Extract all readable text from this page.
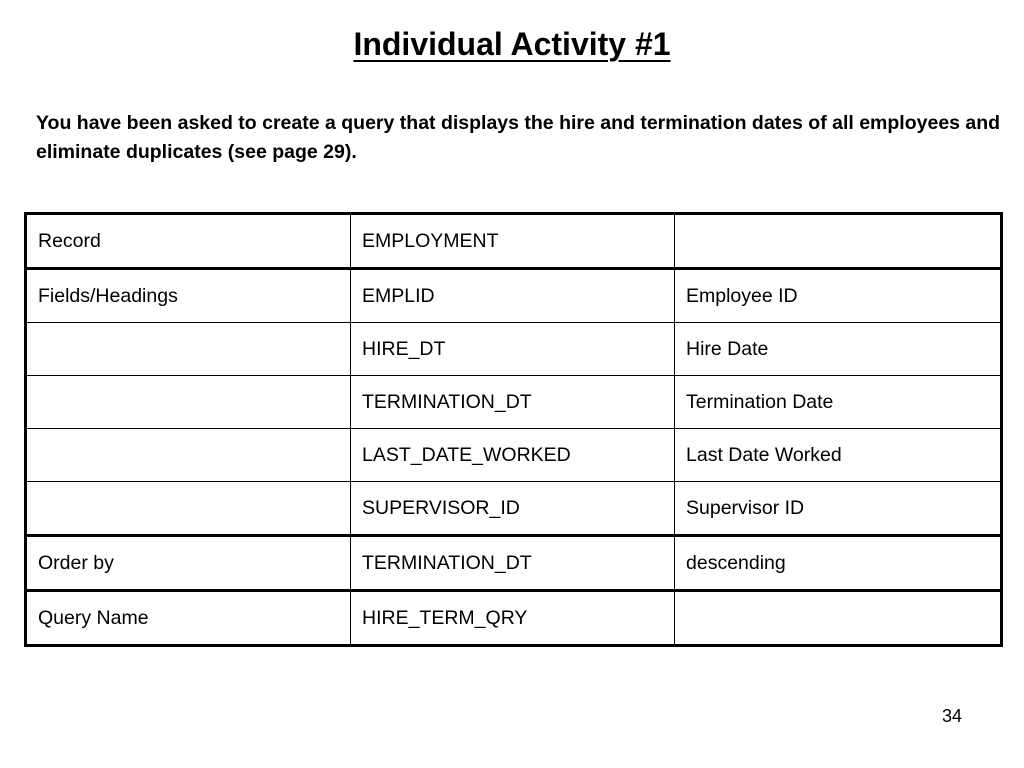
Individual Activity #1

You have been asked to create a query that displays the hire and termination dates of all employees and eliminate duplicates (see page 29).

Record	EMPLOYMENT	
Fields/Headings	EMPLID	Employee ID
	HIRE_DT	Hire Date
	TERMINATION_DT	Termination Date
	LAST_DATE_WORKED	Last Date Worked
	SUPERVISOR_ID	Supervisor ID
Order by	TERMINATION_DT	descending
Query Name	HIRE_TERM_QRY	

34
